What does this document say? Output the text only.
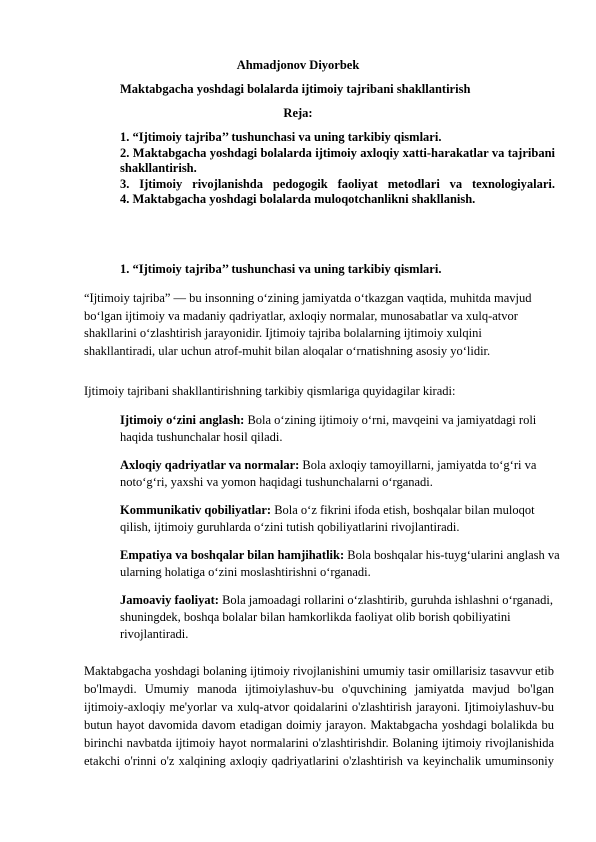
Ahmadjonov Diyorbek
Maktabgacha yoshdagi bolalarda ijtimoiy tajribani shakllantirish
Reja:
1. “Ijtimoiy tajriba’’ tushunchasi va uning tarkibiy qismlari.
2. Maktabgacha yoshdagi bolalarda ijtimoiy axloqiy xatti-harakatlar va tajribani shakllantirish.
3. Ijtimoiy rivojlanishda pedogogik faoliyat metodlari va texnologiyalari.
4. Maktabgacha yoshdagi bolalarda muloqotchanlikni shakllanish.
1. “Ijtimoiy tajriba’’ tushunchasi va uning tarkibiy qismlari.
“Ijtimoiy tajriba” — bu insonning o‘zining jamiyatda o‘tkazgan vaqtida, muhitda mavjud bo‘lgan ijtimoiy va madaniy qadriyatlar, axloqiy normalar, munosabatlar va xulq-atvor shakllarini o‘zlashtirish jarayonidir. Ijtimoiy tajriba bolalarning ijtimoiy xulqini shakllantiradi, ular uchun atrof-muhit bilan aloqalar o‘rnatishning asosiy yo‘lidir.
Ijtimoiy tajribani shakllantirishning tarkibiy qismlariga quyidagilar kiradi:
Ijtimoiy o‘zini anglash: Bola o‘zining ijtimoiy o‘rni, mavqeini va jamiyatdagi roli haqida tushunchalar hosil qiladi.
Axloqiy qadriyatlar va normalar: Bola axloqiy tamoyillarni, jamiyatda to‘g‘ri va noto‘g‘ri, yaxshi va yomon haqidagi tushunchalarni o‘rganadi.
Kommunikativ qobiliyatlar: Bola o‘z fikrini ifoda etish, boshqalar bilan muloqot qilish, ijtimoiy guruhlarda o‘zini tutish qobiliyatlarini rivojlantiradi.
Empatiya va boshqalar bilan hamjihatlik: Bola boshqalar his-tuyg‘ularini anglash va ularning holatiga o‘zini moslashtirishni o‘rganadi.
Jamoaviy faoliyat: Bola jamoadagi rollarini o‘zlashtirib, guruhda ishlashni o‘rganadi, shuningdek, boshqa bolalar bilan hamkorlikda faoliyat olib borish qobiliyatini rivojlantiradi.
Maktabgacha yoshdagi bolaning ijtimoiy rivojlanishini umumiy tasir omillarisiz tasavvur etib bo'lmaydi. Umumiy manoda ijtimoiylashuv-bu o'quvchining jamiyatda mavjud bo'lgan ijtimoiy-axloqiy me'yorlar va xulq-atvor qoidalarini o'zlashtirish jarayoni. Ijtimoiylashuv-bu butun hayot davomida davom etadigan doimiy jarayon. Maktabgacha yoshdagi bolalikda bu birinchi navbatda ijtimoiy hayot normalarini o'zlashtirishdir. Bolaning ijtimoiy rivojlanishida etakchi o'rinni o'z xalqining axloqiy qadriyatlarini o'zlashtirish va keyinchalik umuminsoniy
